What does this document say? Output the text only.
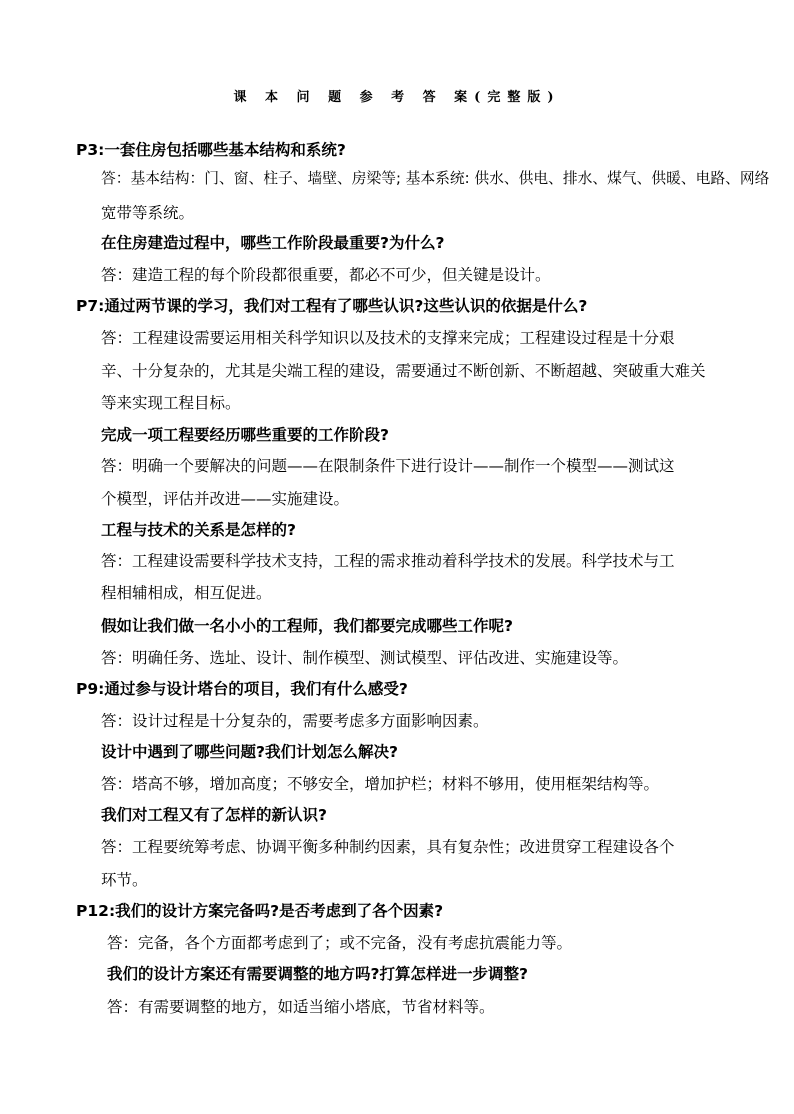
课 本 问 题 参 考 答 案(完整版)
P3:一套住房包括哪些基本结构和系统?
答：基本结构：门、窗、柱子、墙壁、房梁等; 基本系统: 供水、供电、排水、煤气、供暖、电路、网络
宽带等系统。
在住房建造过程中，哪些工作阶段最重要?为什么?
答：建造工程的每个阶段都很重要，都必不可少，但关键是设计。
P7:通过两节课的学习，我们对工程有了哪些认识?这些认识的依据是什么?
答：工程建设需要运用相关科学知识以及技术的支撑来完成；工程建设过程是十分艰
辛、十分复杂的，尤其是尖端工程的建设，需要通过不断创新、不断超越、突破重大难关
等来实现工程目标。
完成一项工程要经历哪些重要的工作阶段?
答：明确一个要解决的问题——在限制条件下进行设计——制作一个模型——测试这
个模型，评估并改进——实施建设。
工程与技术的关系是怎样的?
答：工程建设需要科学技术支持，工程的需求推动着科学技术的发展。科学技术与工
程相辅相成，相互促进。
假如让我们做一名小小的工程师，我们都要完成哪些工作呢?
答：明确任务、选址、设计、制作模型、测试模型、评估改进、实施建设等。
P9:通过参与设计塔台的项目，我们有什么感受?
答：设计过程是十分复杂的，需要考虑多方面影响因素。
设计中遇到了哪些问题?我们计划怎么解决?
答：塔高不够，增加高度；不够安全，增加护栏；材料不够用，使用框架结构等。
我们对工程又有了怎样的新认识?
答：工程要统筹考虑、协调平衡多种制约因素，具有复杂性；改进贯穿工程建设各个
环节。
P12:我们的设计方案完备吗?是否考虑到了各个因素?
答：完备，各个方面都考虑到了；或不完备，没有考虑抗震能力等。
我们的设计方案还有需要调整的地方吗?打算怎样进一步调整?
答：有需要调整的地方，如适当缩小塔底，节省材料等。
